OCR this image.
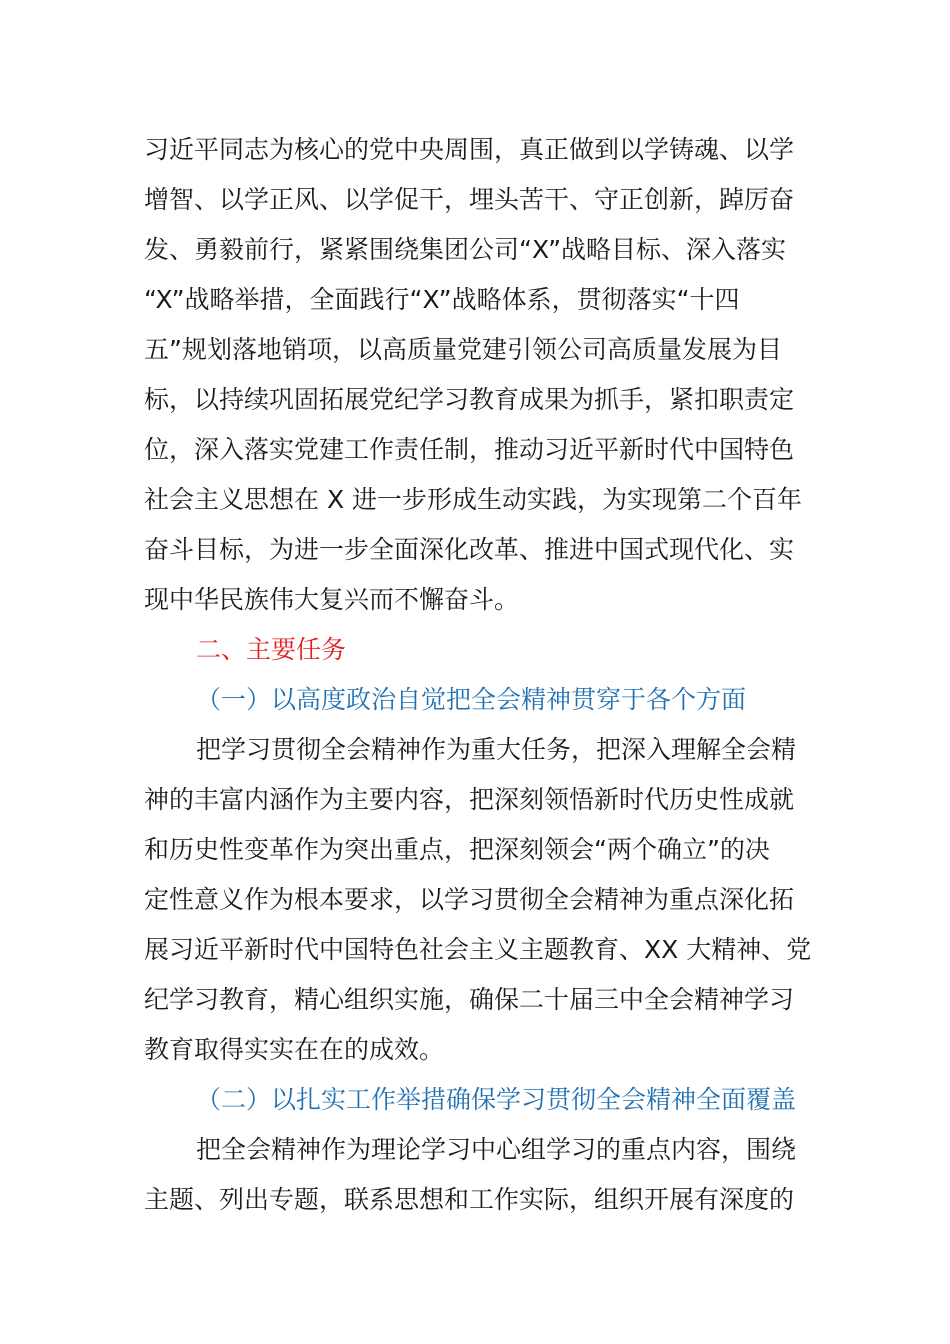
习近平同志为核心的党中央周围，真正做到以学铸魂、以学
增智、以学正风、以学促干，埋头苦干、守正创新，踔厉奋
发、勇毅前行，紧紧围绕集团公司“X”战略目标、深入落实
“X”战略举措，全面践行“X”战略体系，贯彻落实“十四
五”规划落地销项，以高质量党建引领公司高质量发展为目
标，以持续巩固拓展党纪学习教育成果为抓手，紧扣职责定
位，深入落实党建工作责任制，推动习近平新时代中国特色
社会主义思想在 X 进一步形成生动实践，为实现第二个百年
奋斗目标，为进一步全面深化改革、推进中国式现代化、实
现中华民族伟大复兴而不懈奋斗。
二、主要任务
（一）以高度政治自觉把全会精神贯穿于各个方面
把学习贯彻全会精神作为重大任务，把深入理解全会精
神的丰富内涵作为主要内容，把深刻领悟新时代历史性成就
和历史性变革作为突出重点，把深刻领会“两个确立”的决
定性意义作为根本要求，以学习贯彻全会精神为重点深化拓
展习近平新时代中国特色社会主义主题教育、XX 大精神、党
纪学习教育，精心组织实施，确保二十届三中全会精神学习
教育取得实实在在的成效。
（二）以扎实工作举措确保学习贯彻全会精神全面覆盖
把全会精神作为理论学习中心组学习的重点内容，围绕
主题、列出专题，联系思想和工作实际，组织开展有深度的
